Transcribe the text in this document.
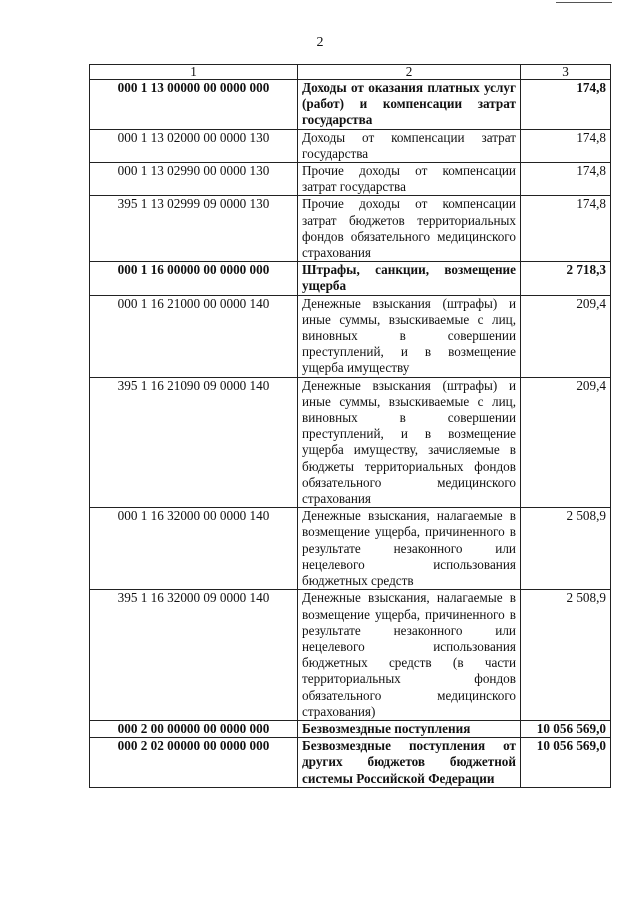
2
1	2	3
000 1 13 00000 00 0000 000	Доходы от оказания платных услуг (работ) и компенсации затрат государства	174,8
000 1 13 02000 00 0000 130	Доходы от компенсации затрат государства	174,8
000 1 13 02990 00 0000 130	Прочие доходы от компенсации затрат государства	174,8
395 1 13 02999 09 0000 130	Прочие доходы от компенсации затрат бюджетов территориальных фондов обязательного медицинского страхования	174,8
000 1 16 00000 00 0000 000	Штрафы, санкции, возмещение ущерба	2 718,3
000 1 16 21000 00 0000 140	Денежные взыскания (штрафы) и иные суммы, взыскиваемые с лиц, виновных в совершении преступлений, и в возмещение ущерба имуществу	209,4
395 1 16 21090 09 0000 140	Денежные взыскания (штрафы) и иные суммы, взыскиваемые с лиц, виновных в совершении преступлений, и в возмещение ущерба имуществу, зачисляемые в бюджеты территориальных фондов обязательного медицинского страхования	209,4
000 1 16 32000 00 0000 140	Денежные взыскания, налагаемые в возмещение ущерба, причиненного в результате незаконного или нецелевого использования бюджетных средств	2 508,9
395 1 16 32000 09 0000 140	Денежные взыскания, налагаемые в возмещение ущерба, причиненного в результате незаконного или нецелевого использования бюджетных средств (в части территориальных фондов обязательного медицинского страхования)	2 508,9
000 2 00 00000 00 0000 000	Безвозмездные поступления	10 056 569,0
000 2 02 00000 00 0000 000	Безвозмездные поступления от других бюджетов бюджетной системы Российской Федерации	10 056 569,0
